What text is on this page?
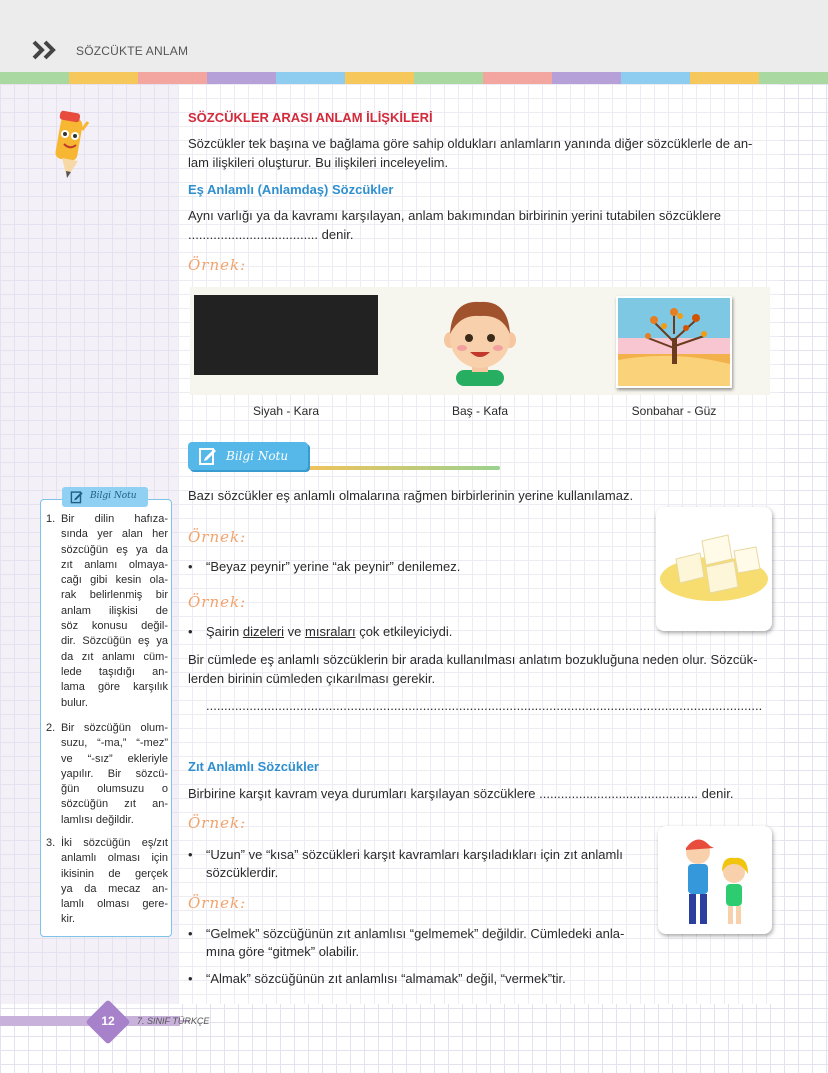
SÖZCÜKTE ANLAM
SÖZCÜKLER ARASI ANLAM İLİŞKİLERİ
Sözcükler tek başına ve bağlama göre sahip oldukları anlamların yanında diğer sözcüklerle de an-
lam ilişkileri oluşturur. Bu ilişkileri inceleyelim.
Eş Anlamlı (Anlamdaş) Sözcükler
Aynı varlığı ya da kavramı karşılayan, anlam bakımından birbirinin yerini tutabilen sözcüklere
.................................... denir.
Örnek:
Siyah - Kara	Baş - Kafa	Sonbahar - Güz
Bilgi Notu
Bazı sözcükler eş anlamlı olmalarına rağmen birbirlerinin yerine kullanılamaz.
Örnek:
• “Beyaz peynir” yerine “ak peynir” denilemez.
Örnek:
• Şairin dizeleri ve mısraları çok etkileyiciydi.
Bir cümlede eş anlamlı sözcüklerin bir arada kullanılması anlatım bozukluğuna neden olur. Sözcük-
lerden birinin cümleden çıkarılması gerekir.
• ..........................................................................................................................................................
Zıt Anlamlı Sözcükler
Birbirine karşıt kavram veya durumları karşılayan sözcüklere ............................................ denir.
Örnek:
• “Uzun” ve “kısa” sözcükleri karşıt kavramları karşıladıkları için zıt anlamlı
sözcüklerdir.
Örnek:
• “Gelmek” sözcüğünün zıt anlamlısı “gelmemek” değildir. Cümledeki anla-
mına göre “gitmek” olabilir.
• “Almak” sözcüğünün zıt anlamlısı “almamak” değil, “vermek”tir.
Bilgi Notu
1. Bir dilin hafıza-
sında yer alan her
sözcüğün eş ya da
zıt anlamı olmaya-
cağı gibi kesin ola-
rak belirlenmiş bir
anlam ilişkisi de
söz konusu değil-
dir. Sözcüğün eş ya
da zıt anlamı cüm-
lede taşıdığı an-
lama göre karşılık
bulur.
2. Bir sözcüğün olum-
suzu, “-ma,” “-mez”
ve “-sız” ekleriyle
yapılır. Bir sözcü-
ğün olumsuzu o
sözcüğün zıt an-
lamlısı değildir.
3. İki sözcüğün eş/zıt
anlamlı olması için
ikisinin de gerçek
ya da mecaz an-
lamlı olması gere-
kir.
12	7. SINIF TÜRKÇE
